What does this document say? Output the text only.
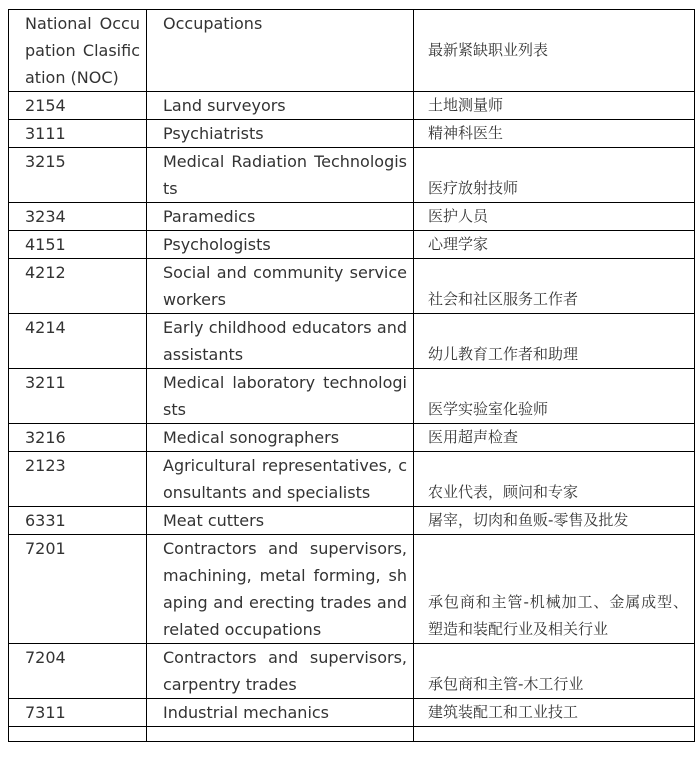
National Occupation Clasification (NOC)	Occupations	最新紧缺职业列表
2154	Land surveyors	土地测量师
3111	Psychiatrists	精神科医生
3215	Medical Radiation Technologists	医疗放射技师
3234	Paramedics	医护人员
4151	Psychologists	心理学家
4212	Social and community service workers	社会和社区服务工作者
4214	Early childhood educators and assistants	幼儿教育工作者和助理
3211	Medical laboratory technologists	医学实验室化验师
3216	Medical sonographers	医用超声检查
2123	Agricultural representatives, consultants and specialists	农业代表，顾问和专家
6331	Meat cutters	屠宰，切肉和鱼贩-零售及批发
7201	Contractors and supervisors, machining, metal forming, shaping and erecting trades and related occupations	承包商和主管-机械加工、金属成型、塑造和装配行业及相关行业
7204	Contractors and supervisors, carpentry trades	承包商和主管-木工行业
7311	Industrial mechanics	建筑装配工和工业技工
